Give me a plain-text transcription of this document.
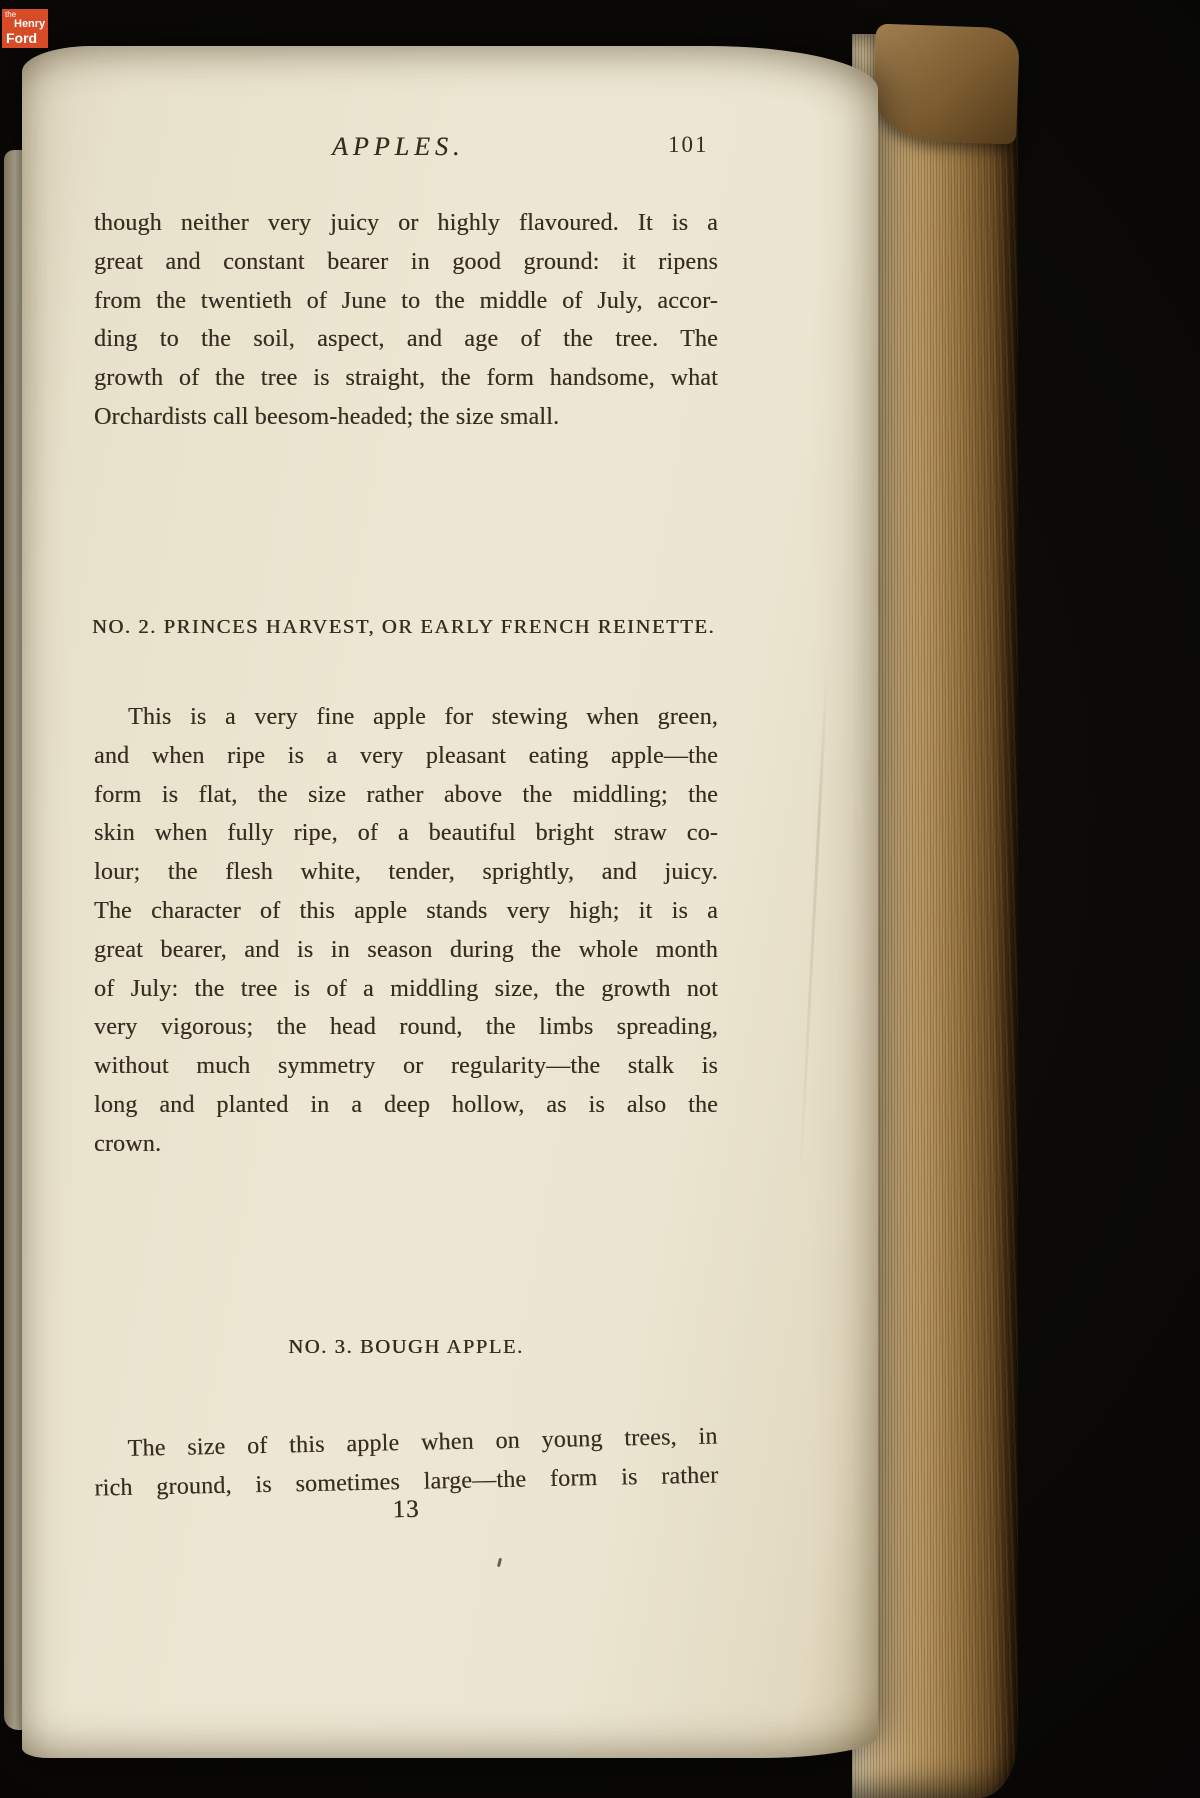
APPLES.	101
though neither very juicy or highly flavoured. It is a
great and constant bearer in good ground: it ripens
from the twentieth of June to the middle of July, accor-
ding to the soil, aspect, and age of the tree. The
growth of the tree is straight, the form handsome, what
Orchardists call beesom-headed; the size small.
NO. 2. PRINCES HARVEST, OR EARLY FRENCH REINETTE.
This is a very fine apple for stewing when green,
and when ripe is a very pleasant eating apple—the
form is flat, the size rather above the middling; the
skin when fully ripe, of a beautiful bright straw co-
lour; the flesh white, tender, sprightly, and juicy.
The character of this apple stands very high; it is a
great bearer, and is in season during the whole month
of July: the tree is of a middling size, the growth not
very vigorous; the head round, the limbs spreading,
without much symmetry or regularity—the stalk is
long and planted in a deep hollow, as is also the
crown.
NO. 3. BOUGH APPLE.
The size of this apple when on young trees, in
rich ground, is sometimes large—the form is rather
13
the
Henry
Ford
